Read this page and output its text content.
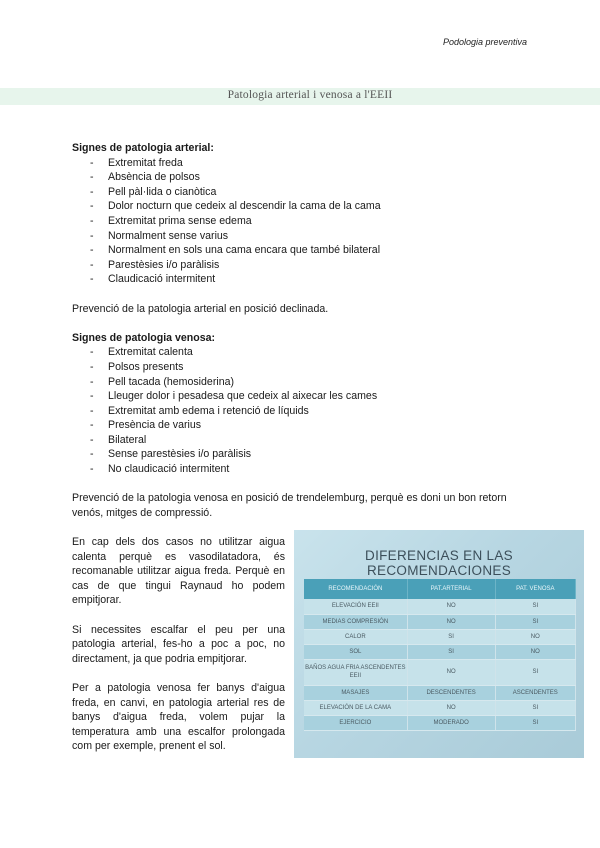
Podologia preventiva
Patologia arterial i venosa a l'EEII
Signes de patologia arterial:
- Extremitat freda
- Absència de polsos
- Pell pàl·lida o cianòtica
- Dolor nocturn que cedeix al descendir la cama de la cama
- Extremitat prima sense edema
- Normalment sense varius
- Normalment en sols una cama encara que també bilateral
- Parestèsies i/o paràlisis
- Claudicació intermitent
Prevenció de la patologia arterial en posició declinada.
Signes de patologia venosa:
- Extremitat calenta
- Polsos presents
- Pell tacada (hemosiderina)
- Lleuger dolor i pesadesa que cedeix al aixecar les cames
- Extremitat amb edema i retenció de líquids
- Presència de varius
- Bilateral
- Sense parestèsies i/o paràlisis
- No claudicació intermitent
Prevenció de la patologia venosa en posició de trendelemburg, perquè es doni un bon retorn venós, mitges de compressió.

En cap dels dos casos no utilitzar aigua calenta perquè es vasodilatadora, és recomanable utilitzar aigua freda. Perquè en cas de que tingui Raynaud ho podem empitjorar.

Si necessites escalfar el peu per una patologia arterial, fes-ho a poc a poc, no directament, ja que podria empitjorar.

Per a patologia venosa fer banys d'aigua freda, en canvi, en patologia arterial res de banys d'aigua freda, volem pujar la temperatura amb una escalfor prolongada com per exemple, prenent el sol.

DIFERENCIAS EN LAS RECOMENDACIONES
RECOMENDACIÓN	PAT.ARTERIAL	PAT. VENOSA
ELEVACIÓN EEII	NO	SI
MEDIAS COMPRESIÓN	NO	SI
CALOR	SI	NO
SOL	SI	NO
BAÑOS AGUA FRIA ASCENDENTES EEII	NO	SI
MASAJES	DESCENDENTES	ASCENDENTES
ELEVACIÓN DE LA CAMA	NO	SI
EJERCICIO	MODERADO	SI
